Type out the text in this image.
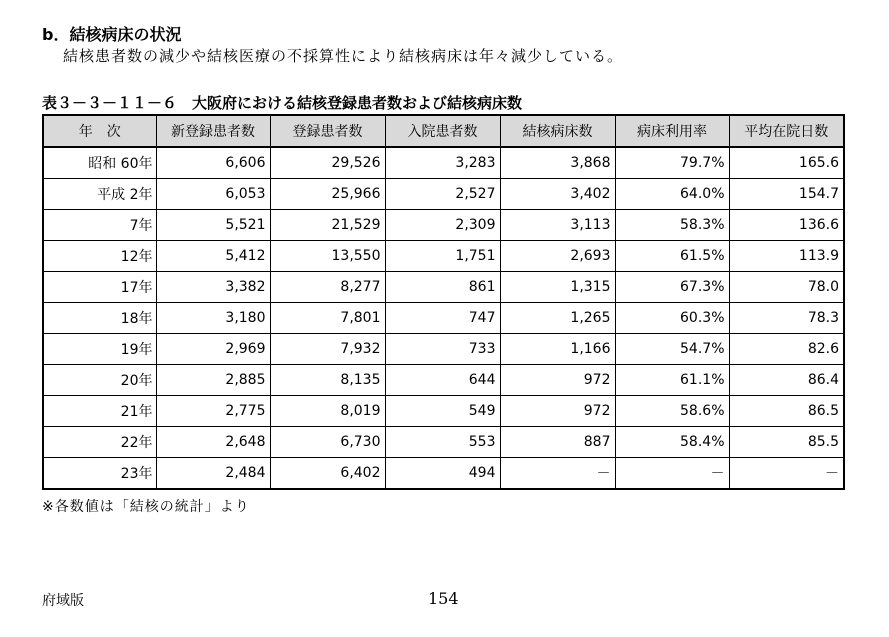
b．結核病床の状況
結核患者数の減少や結核医療の不採算性により結核病床は年々減少している。
表３－３－１１－６　大阪府における結核登録患者数および結核病床数
年　次	新登録患者数	登録患者数	入院患者数	結核病床数	病床利用率	平均在院日数
昭和 60年	6,606	29,526	3,283	3,868	79.7%	165.6
平成 2年	6,053	25,966	2,527	3,402	64.0%	154.7
7年	5,521	21,529	2,309	3,113	58.3%	136.6
12年	5,412	13,550	1,751	2,693	61.5%	113.9
17年	3,382	8,277	861	1,315	67.3%	78.0
18年	3,180	7,801	747	1,265	60.3%	78.3
19年	2,969	7,932	733	1,166	54.7%	82.6
20年	2,885	8,135	644	972	61.1%	86.4
21年	2,775	8,019	549	972	58.6%	86.5
22年	2,648	6,730	553	887	58.4%	85.5
23年	2,484	6,402	494	－	－	－
※各数値は「結核の統計」より
府域版	154
